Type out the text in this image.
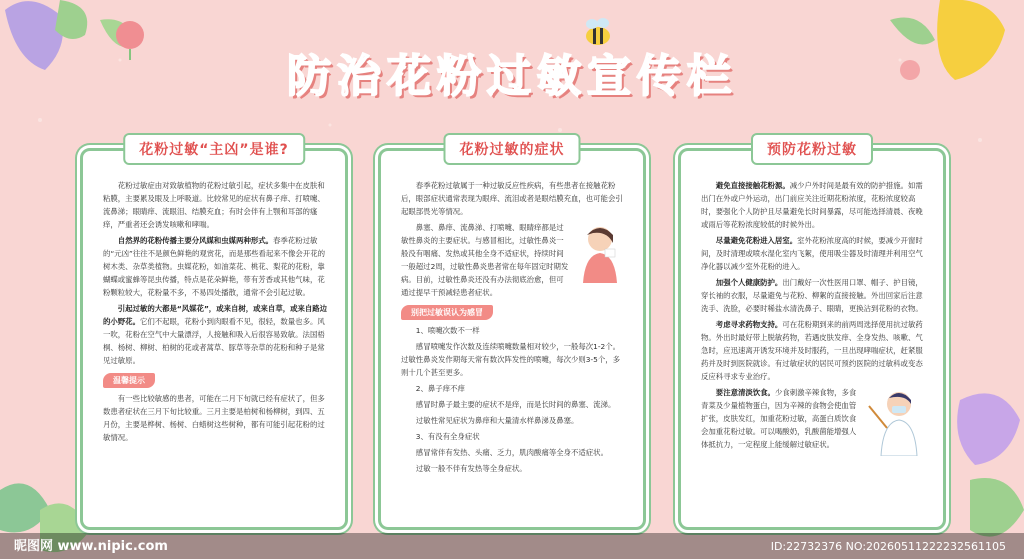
防治花粉过敏宣传栏
花粉过敏“主凶”是谁?

花粉过敏症由对致敏植物的花粉过敏引起，症状多集中在皮肤和粘膜，主要累及眼及上呼吸道。比较常见的症状有鼻子痒、打喷嚏、流鼻涕；眼睛痒、流眼泪、结膜充血；有时会伴有上颚和耳部的瘙痒，严重者还会诱发咳嗽和哮喘。

自然界的花粉传播主要分风媒和虫媒两种形式。春季花粉过敏的“元凶”往往不是颜色鲜艳的观赏花，而是那些看起来不像会开花的树木类、杂草类植物。虫媒花粉，如油菜花、桃花、梨花的花粉，靠蝴蝶或蜜蜂等昆虫传播，特点是花朵鲜艳，带有芳香或其他气味，花粉颗粒较大，花粉量不多，不易四处播散，通常不会引起过敏。

引起过敏的大都是“风媒花”，或来自树，或来自草，或来自路边的小野花。它们不起眼，花粉小到肉眼看不见，很轻，数量也多。风一吹，花粉在空气中大量漂浮，人接触和吸入后很容易致敏。法国梧桐、杨树、柳树、柏树的花或者蒿草、豚草等杂草的花粉和种子是常见过敏原。

温馨提示

有一些比较敏感的患者，可能在二月下旬就已经有症状了，但多数患者症状在三月下旬比较重。三月主要是柏树和杨柳树，到四、五月份，主要是桦树、杨树、白蜡树这些树种，都有可能引起花粉的过敏情况。

花粉过敏的症状

春季花粉过敏属于一种过敏反应性疾病，有些患者在接触花粉后，眼部症状通常表现为眼痒、流泪或者是眼结膜充血，也可能会引起眼部畏光等情况。

鼻塞、鼻痒、流鼻涕、打喷嚏、眼睛痒都是过敏性鼻炎的主要症状。与感冒相比，过敏性鼻炎一般没有咽痛、发热或其他全身不适症状，持续时间一般超过2周，过敏性鼻炎患者常在每年固定时期发病。目前，过敏性鼻炎还没有办法彻底治愈，但可通过提早干预减轻患者症状。

别把过敏误认为感冒

1、喷嚏次数不一样

感冒喷嚏发作次数及连续喷嚏数量相对较少，一般每次1-2个。过敏性鼻炎发作期每天常有数次阵发性的喷嚏，每次少则3-5个，多则十几个甚至更多。

2、鼻子痒不痒

感冒时鼻子最主要的症状不是痒，而是长时间的鼻塞、流涕。

过敏性常见症状为鼻痒和大量清水样鼻涕及鼻塞。

3、有没有全身症状

感冒常伴有发热、头痛、乏力，肌肉酸痛等全身不适症状。

过敏一般不伴有发热等全身症状。

预防花粉过敏

避免直接接触花粉源。减少户外时间是最有效的防护措施。如需出门在外或户外运动，出门前应关注近期花粉浓度，花粉浓度较高时，要强化个人防护且尽量避免长时间暴露，尽可能选择清晨、夜晚或雨后等花粉浓度较低的时候外出。

尽量避免花粉进入居室。室外花粉浓度高的时候，要减少开窗时间，及时清理或喷水湿化室内飞絮，使用吸尘器及时清理并利用空气净化器以减少室外花粉的进入。

加强个人健康防护。出门戴好一次性医用口罩、帽子、护目镜，穿长袖的衣服，尽量避免与花粉、柳絮的直接接触。外出回家后注意洗手、洗脸，必要时稀盐水清洗鼻子、眼睛，更换沾到花粉的衣物。

考虑寻求药物支持。可在花粉期到来的前两周选择使用抗过敏药物。外出时最好带上脱敏药物，若遇皮肤发痒、全身发热、咳嗽、气急时，应迅速离开诱发环境并及时服药，一旦出现哮喘症状，赶紧服药并及时到医院就诊。有过敏症状的居民可预约医院的过敏科或变态反应科寻求专业治疗。

要注意清淡饮食。少食刺激辛辣食物，多食青菜及少量植物蛋白，因为辛辣的食物会使血管扩张，皮肤发红，加重花粉过敏，高蛋白质饮食会加重花粉过敏。可以喝酸奶，乳酸菌能增强人体抵抗力，一定程度上能缓解过敏症状。

昵图网 www.nipic.com	ID:22732376 NO:20260511222232561105
